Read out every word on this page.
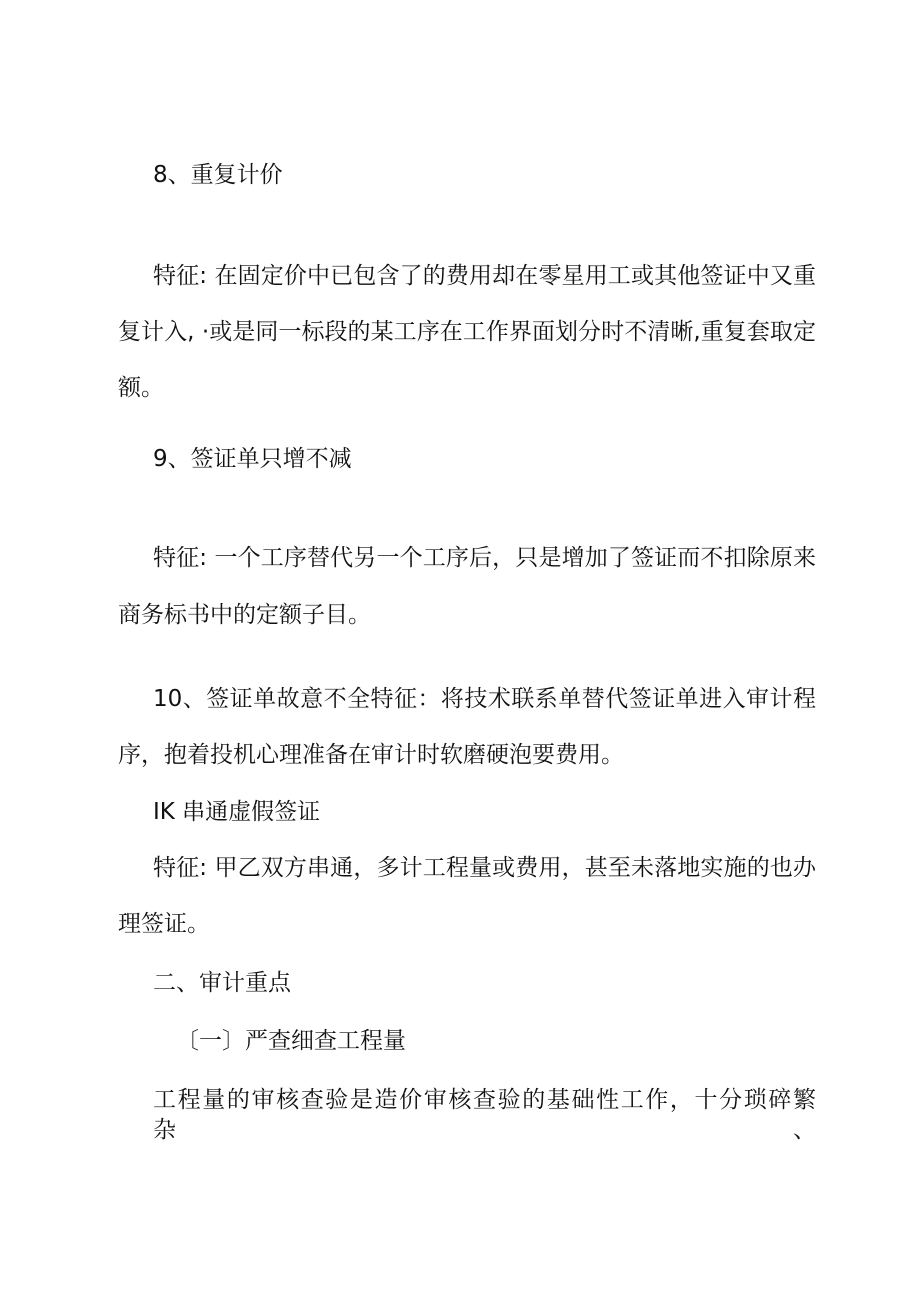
8、重复计价
特征: 在固定价中已包含了的费用却在零星用工或其他签证中又重
复计入, ·或是同一标段的某工序在工作界面划分时不清晰,重复套取定
额。
9、签证单只增不减
特征: 一个工序替代另一个工序后，只是增加了签证而不扣除原来
商务标书中的定额子目。
10、签证单故意不全特征：将技术联系单替代签证单进入审计程
序，抱着投机心理准备在审计时软磨硬泡要费用。
IK 串通虚假签证
特征: 甲乙双方串通，多计工程量或费用，甚至未落地实施的也办
理签证。
二、审计重点
〔一〕严查细查工程量
工程量的审核查验是造价审核查验的基础性工作，十分琐碎繁杂、
